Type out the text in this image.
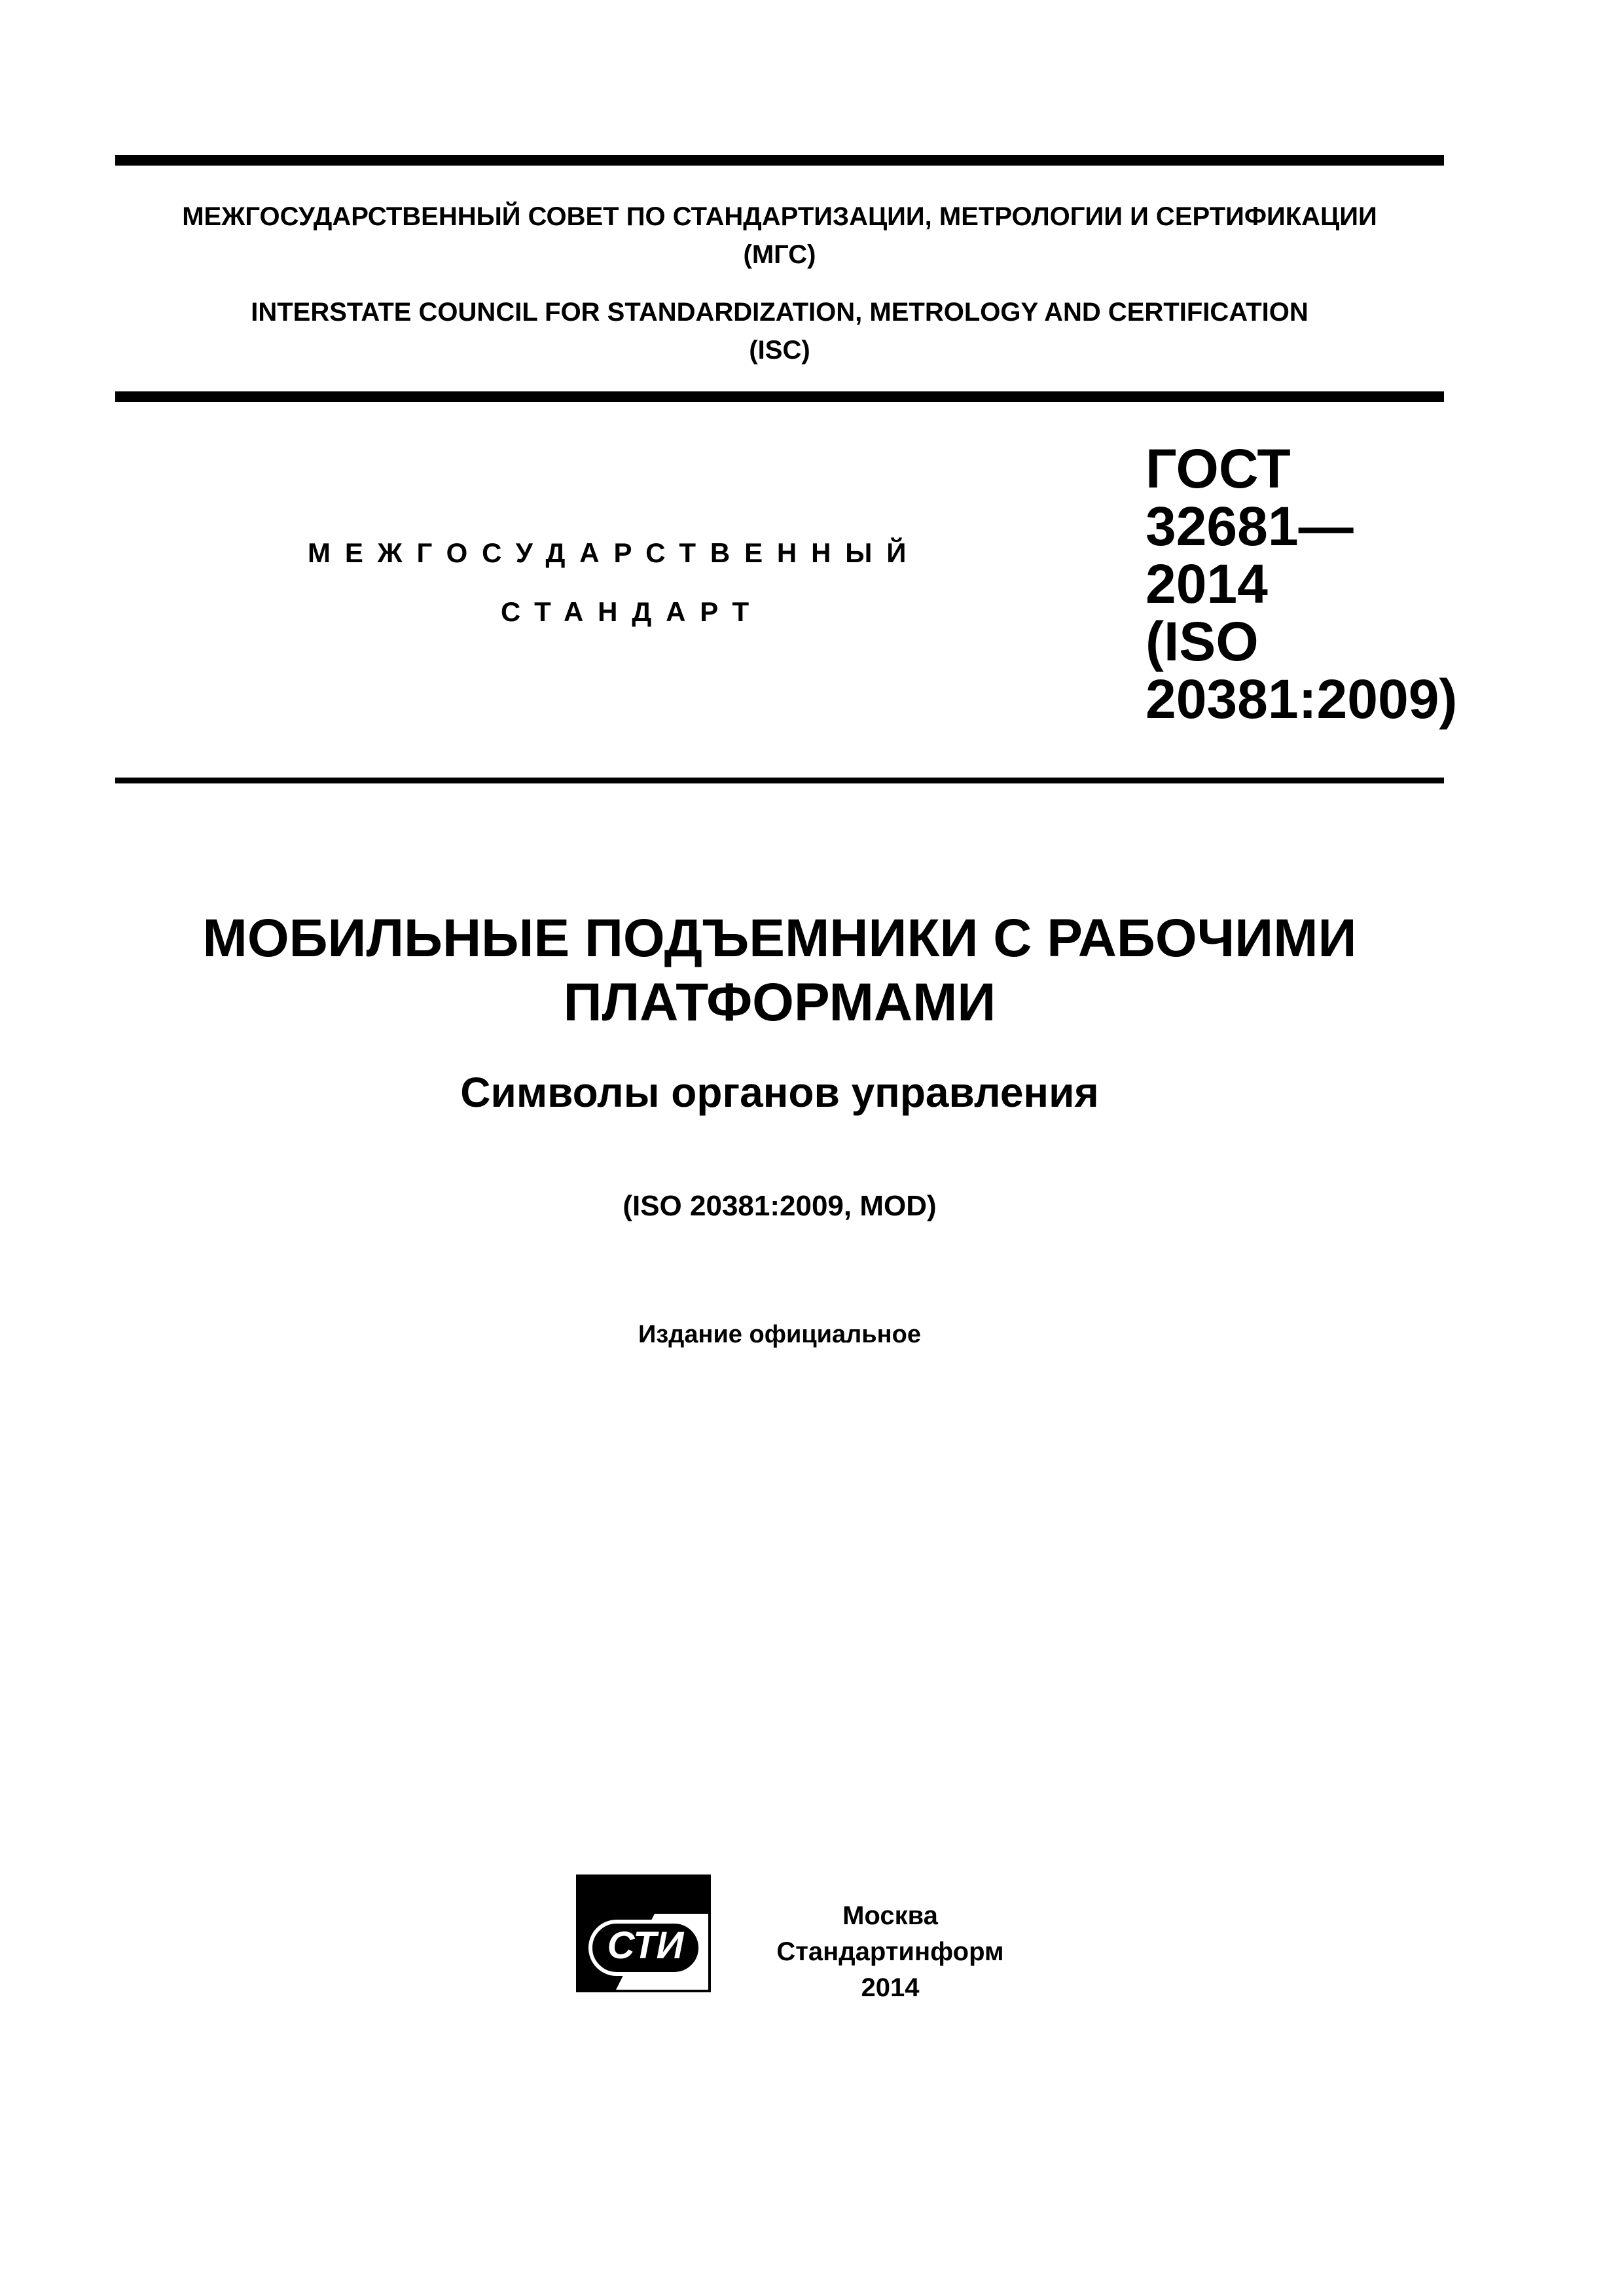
МЕЖГОСУДАРСТВЕННЫЙ СОВЕТ ПО СТАНДАРТИЗАЦИИ, МЕТРОЛОГИИ И СЕРТИФИКАЦИИ
(МГС)
INTERSTATE COUNCIL FOR STANDARDIZATION, METROLOGY AND CERTIFICATION
(ISC)
МЕЖГОСУДАРСТВЕННЫЙ
СТАНДАРТ
ГОСТ
32681—
2014
(ISO
20381:2009)
МОБИЛЬНЫЕ ПОДЪЕМНИКИ С РАБОЧИМИ
ПЛАТФОРМАМИ
Символы органов управления
(ISO 20381:2009, MOD)
Издание официальное
СТИ
Москва
Стандартинформ
2014
